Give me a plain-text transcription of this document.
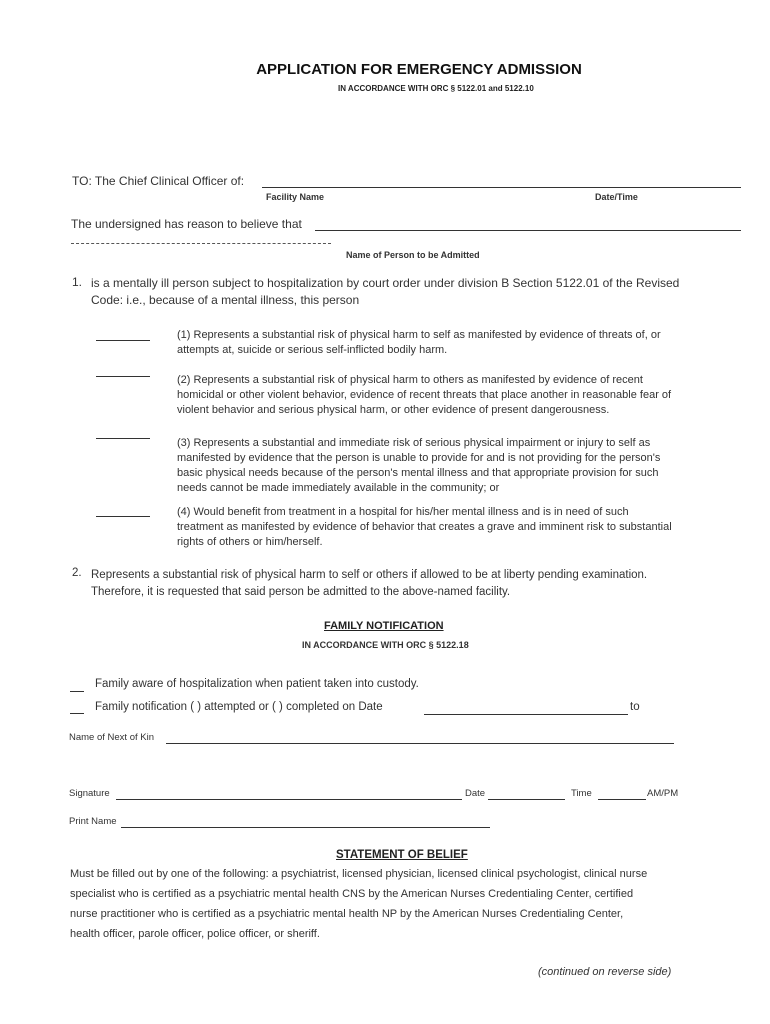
APPLICATION FOR EMERGENCY ADMISSION
IN ACCORDANCE WITH ORC § 5122.01 and 5122.10
TO: The Chief Clinical Officer of:
Facility Name	Date/Time
The undersigned has reason to believe that
Name of Person to be Admitted
1. is a mentally ill person subject to hospitalization by court order under division B Section 5122.01 of the Revised
Code: i.e., because of a mental illness, this person
(1) Represents a substantial risk of physical harm to self as manifested by evidence of threats of, or
attempts at, suicide or serious self-inflicted bodily harm.
(2) Represents a substantial risk of physical harm to others as manifested by evidence of recent
homicidal or other violent behavior, evidence of recent threats that place another in reasonable fear of
violent behavior and serious physical harm, or other evidence of present dangerousness.
(3) Represents a substantial and immediate risk of serious physical impairment or injury to self as
manifested by evidence that the person is unable to provide for and is not providing for the person's
basic physical needs because of the person's mental illness and that appropriate provision for such
needs cannot be made immediately available in the community; or
(4) Would benefit from treatment in a hospital for his/her mental illness and is in need of such
treatment as manifested by evidence of behavior that creates a grave and imminent risk to substantial
rights of others or him/herself.
2. Represents a substantial risk of physical harm to self or others if allowed to be at liberty pending examination.
Therefore, it is requested that said person be admitted to the above-named facility.
FAMILY NOTIFICATION
IN ACCORDANCE WITH ORC § 5122.18
Family aware of hospitalization when patient taken into custody.
Family notification ( ) attempted or ( ) completed on Date	to
Name of Next of Kin
Signature	Date	Time	AM/PM
Print Name
STATEMENT OF BELIEF
Must be filled out by one of the following: a psychiatrist, licensed physician, licensed clinical psychologist, clinical nurse
specialist who is certified as a psychiatric mental health CNS by the American Nurses Credentialing Center, certified
nurse practitioner who is certified as a psychiatric mental health NP by the American Nurses Credentialing Center,
health officer, parole officer, police officer, or sheriff.
(continued on reverse side)
